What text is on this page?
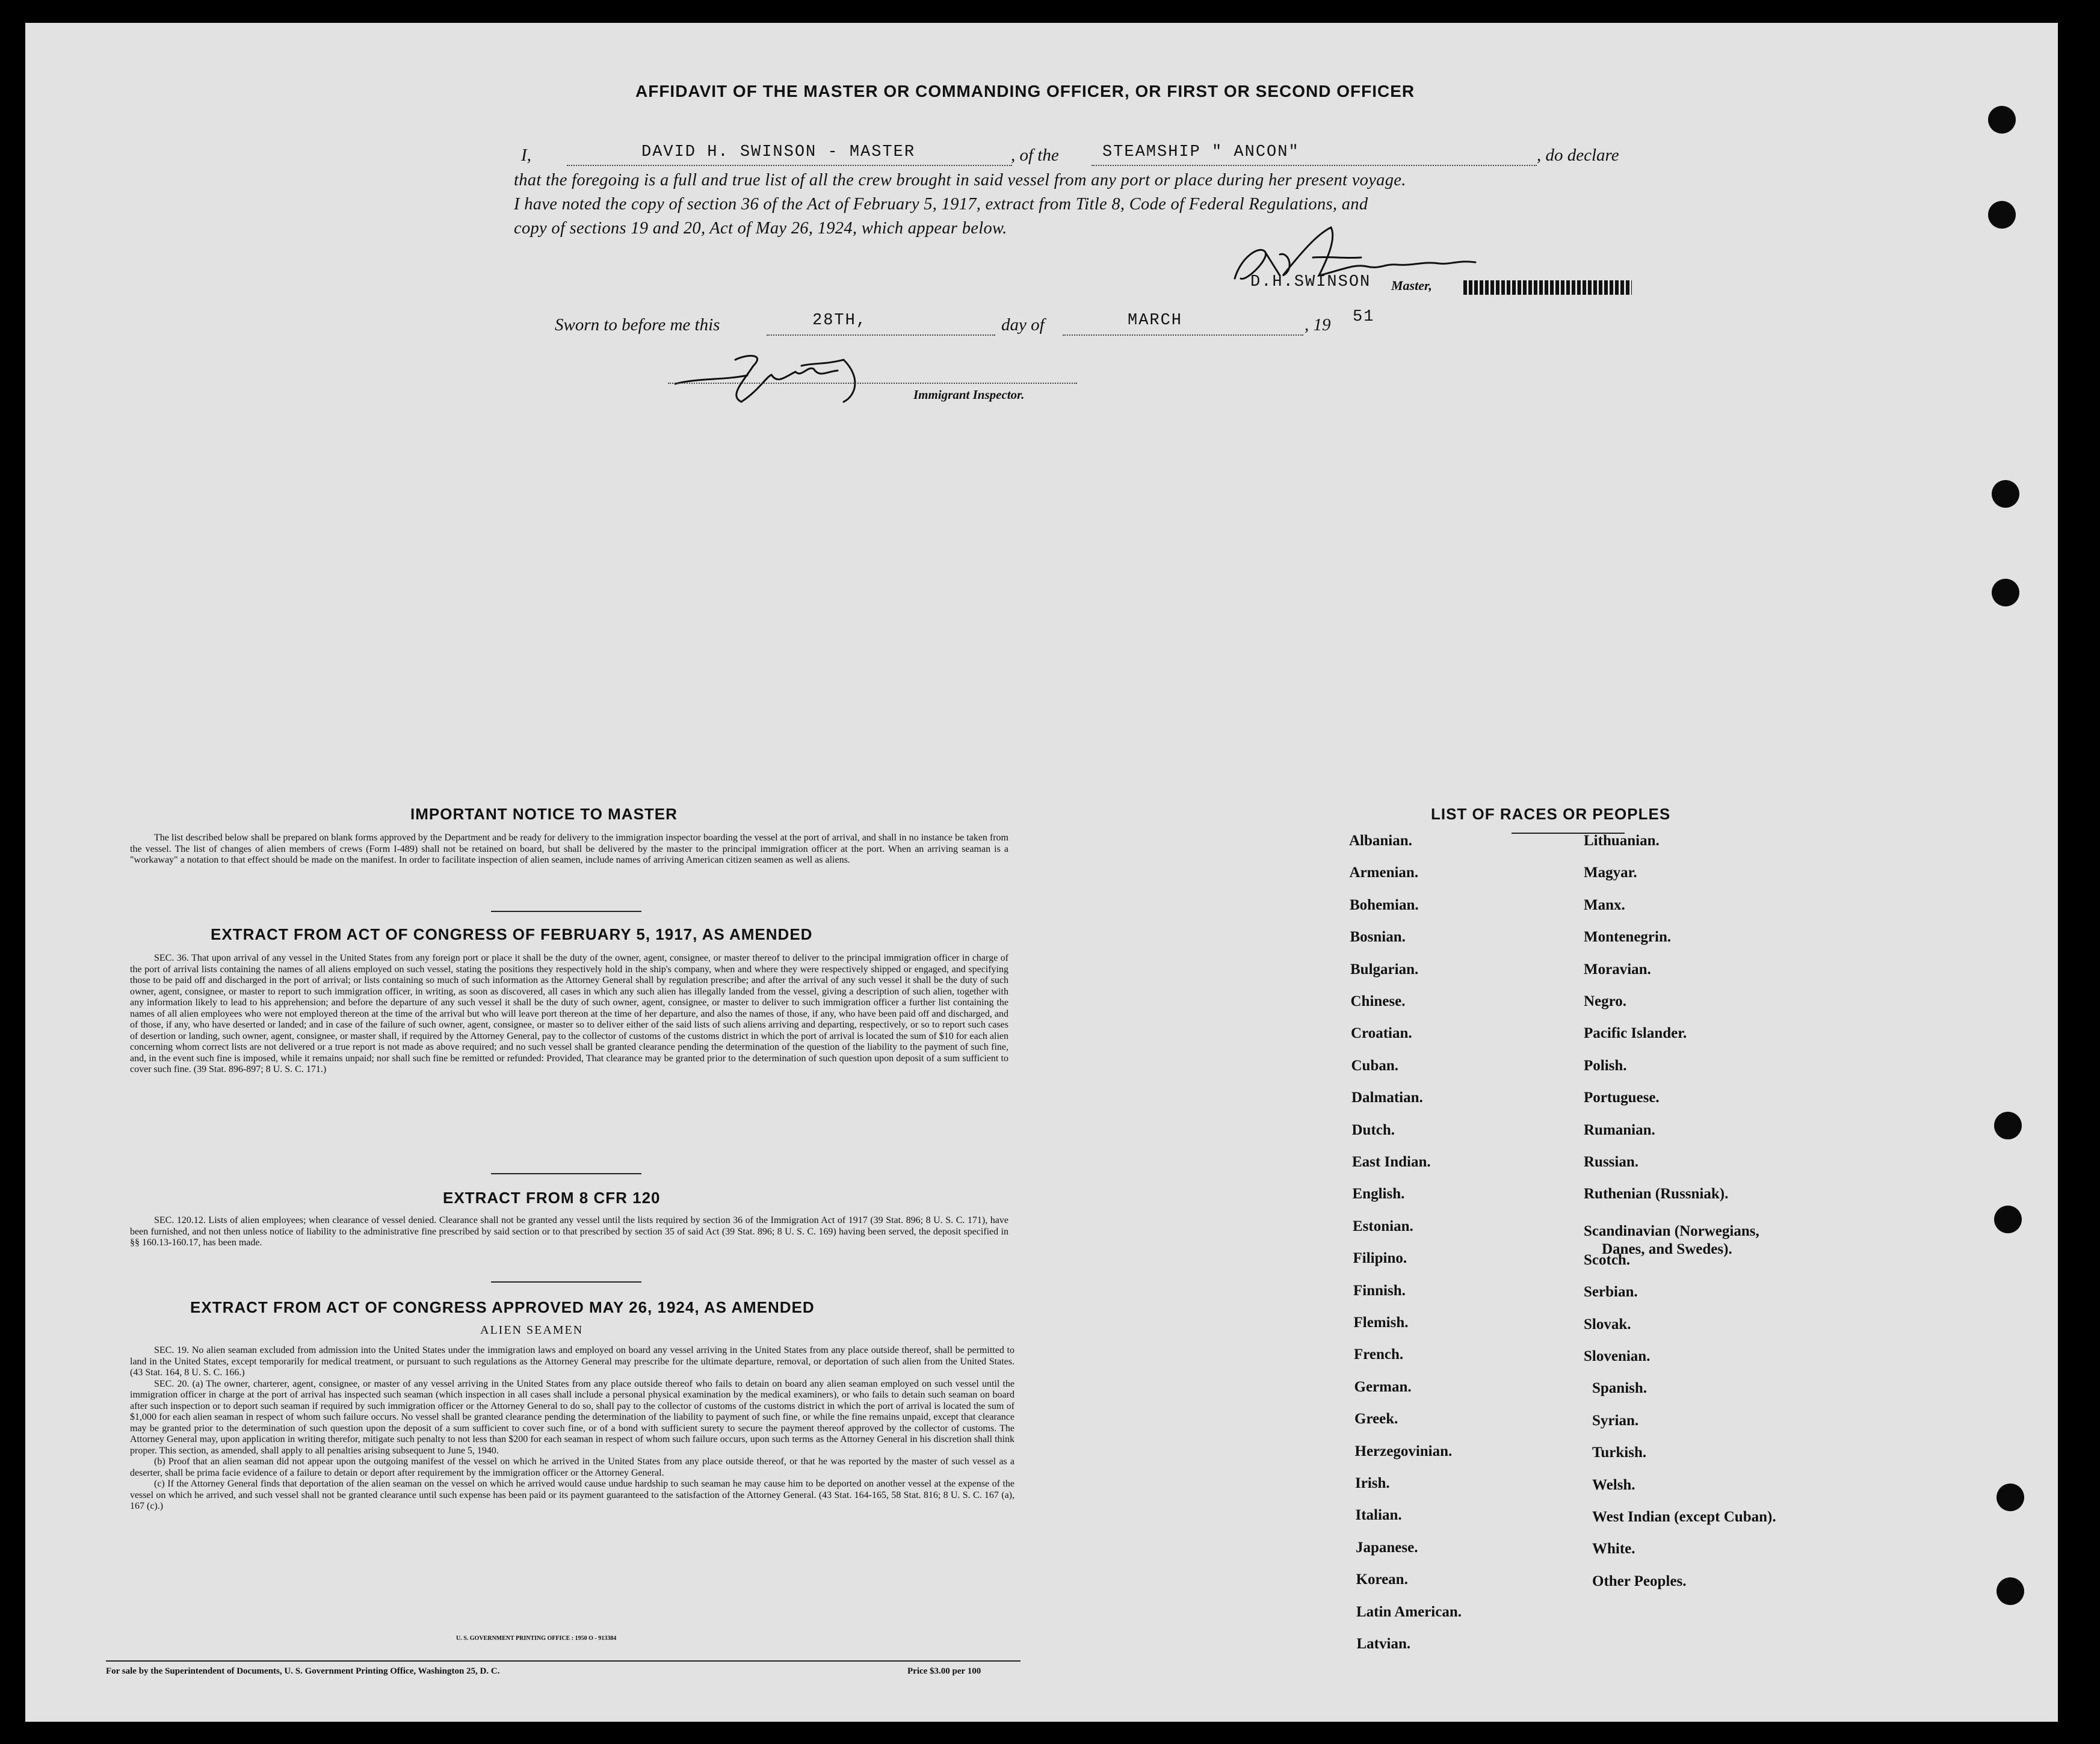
AFFIDAVIT OF THE MASTER OR COMMANDING OFFICER, OR FIRST OR SECOND OFFICER
I,	DAVID H. SWINSON - MASTER	, of the	STEAMSHIP " ANCON"	, do declare
that the foregoing is a full and true list of all the crew brought in said vessel from any port or place during her present voyage.
I have noted the copy of section 36 of the Act of February 5, 1917, extract from Title 8, Code of Federal Regulations, and
copy of sections 19 and 20, Act of May 26, 1924, which appear below.
D.H.SWINSON Master,
Sworn to before me this	28TH,	day of	MARCH	, 19 51
Immigrant Inspector.
IMPORTANT NOTICE TO MASTER

The list described below shall be prepared on blank forms approved by the Department and be ready for delivery to the immigration inspector boarding the vessel at the port of arrival, and shall in no instance be taken from the vessel. The list of changes of alien members of crews (Form I-489) shall not be retained on board, but shall be delivered by the master to the principal immigration officer at the port. When an arriving seaman is a "workaway" a notation to that effect should be made on the manifest. In order to facilitate inspection of alien seamen, include names of arriving American citizen seamen as well as aliens.

EXTRACT FROM ACT OF CONGRESS OF FEBRUARY 5, 1917, AS AMENDED

SEC. 36. That upon arrival of any vessel in the United States from any foreign port or place it shall be the duty of the owner, agent, consignee, or master thereof to deliver to the principal immigration officer in charge of the port of arrival lists containing the names of all aliens employed on such vessel, stating the positions they respectively hold in the ship's company, when and where they were respectively shipped or engaged, and specifying those to be paid off and discharged in the port of arrival; or lists containing so much of such information as the Attorney General shall by regulation prescribe; and after the arrival of any such vessel it shall be the duty of such owner, agent, consignee, or master to report to such immigration officer, in writing, as soon as discovered, all cases in which any such alien has illegally landed from the vessel, giving a description of such alien, together with any information likely to lead to his apprehension; and before the departure of any such vessel it shall be the duty of such owner, agent, consignee, or master to deliver to such immigration officer a further list containing the names of all alien employees who were not employed thereon at the time of the arrival but who will leave port thereon at the time of her departure, and also the names of those, if any, who have been paid off and discharged, and of those, if any, who have deserted or landed; and in case of the failure of such owner, agent, consignee, or master so to deliver either of the said lists of such aliens arriving and departing, respectively, or so to report such cases of desertion or landing, such owner, agent, consignee, or master shall, if required by the Attorney General, pay to the collector of customs of the customs district in which the port of arrival is located the sum of $10 for each alien concerning whom correct lists are not delivered or a true report is not made as above required; and no such vessel shall be granted clearance pending the determination of the question of the liability to the payment of such fine, and, in the event such fine is imposed, while it remains unpaid; nor shall such fine be remitted or refunded: Provided, That clearance may be granted prior to the determination of such question upon deposit of a sum sufficient to cover such fine. (39 Stat. 896-897; 8 U. S. C. 171.)

EXTRACT FROM 8 CFR 120

SEC. 120.12. Lists of alien employees; when clearance of vessel denied. Clearance shall not be granted any vessel until the lists required by section 36 of the Immigration Act of 1917 (39 Stat. 896; 8 U. S. C. 171), have been furnished, and not then unless notice of liability to the administrative fine prescribed by said section or to that prescribed by section 35 of said Act (39 Stat. 896; 8 U. S. C. 169) having been served, the deposit specified in §§ 160.13-160.17, has been made.

EXTRACT FROM ACT OF CONGRESS APPROVED MAY 26, 1924, AS AMENDED
ALIEN SEAMEN

SEC. 19. No alien seaman excluded from admission into the United States under the immigration laws and employed on board any vessel arriving in the United States from any place outside thereof, shall be permitted to land in the United States, except temporarily for medical treatment, or pursuant to such regulations as the Attorney General may prescribe for the ultimate departure, removal, or deportation of such alien from the United States. (43 Stat. 164, 8 U. S. C. 166.)

SEC. 20. (a) The owner, charterer, agent, consignee, or master of any vessel arriving in the United States from any place outside thereof who fails to detain on board any alien seaman employed on such vessel until the immigration officer in charge at the port of arrival has inspected such seaman (which inspection in all cases shall include a personal physical examination by the medical examiners), or who fails to detain such seaman on board after such inspection or to deport such seaman if required by such immigration officer or the Attorney General to do so, shall pay to the collector of customs of the customs district in which the port of arrival is located the sum of $1,000 for each alien seaman in respect of whom such failure occurs. No vessel shall be granted clearance pending the determination of the liability to payment of such fine, or while the fine remains unpaid, except that clearance may be granted prior to the determination of such question upon the deposit of a sum sufficient to cover such fine, or of a bond with sufficient surety to secure the payment thereof approved by the collector of customs. The Attorney General may, upon application in writing therefor, mitigate such penalty to not less than $200 for each seaman in respect of whom such failure occurs, upon such terms as the Attorney General in his discretion shall think proper. This section, as amended, shall apply to all penalties arising subsequent to June 5, 1940.

(b) Proof that an alien seaman did not appear upon the outgoing manifest of the vessel on which he arrived in the United States from any place outside thereof, or that he was reported by the master of such vessel as a deserter, shall be prima facie evidence of a failure to detain or deport after requirement by the immigration officer or the Attorney General.

(c) If the Attorney General finds that deportation of the alien seaman on the vessel on which he arrived would cause undue hardship to such seaman he may cause him to be deported on another vessel at the expense of the vessel on which he arrived, and such vessel shall not be granted clearance until such expense has been paid or its payment guaranteed to the satisfaction of the Attorney General. (43 Stat. 164-165, 58 Stat. 816; 8 U. S. C. 167 (a), 167 (c).)

U. S. GOVERNMENT PRINTING OFFICE : 1950 O - 913384
For sale by the Superintendent of Documents, U. S. Government Printing Office, Washington 25, D. C.	Price $3.00 per 100
LIST OF RACES OR PEOPLES
Albanian.
Armenian.
Bohemian.
Bosnian.
Bulgarian.
Chinese.
Croatian.
Cuban.
Dalmatian.
Dutch.
East Indian.
English.
Estonian.
Filipino.
Finnish.
Flemish.
French.
German.
Greek.
Herzegovinian.
Irish.
Italian.
Japanese.
Korean.
Latin American.
Latvian.
Lithuanian.
Magyar.
Manx.
Montenegrin.
Moravian.
Negro.
Pacific Islander.
Polish.
Portuguese.
Rumanian.
Russian.
Ruthenian (Russniak).
Scandinavian (Norwegians,
Danes, and Swedes).
Scotch.
Serbian.
Slovak.
Slovenian.
Spanish.
Syrian.
Turkish.
Welsh.
West Indian (except Cuban).
White.
Other Peoples.
